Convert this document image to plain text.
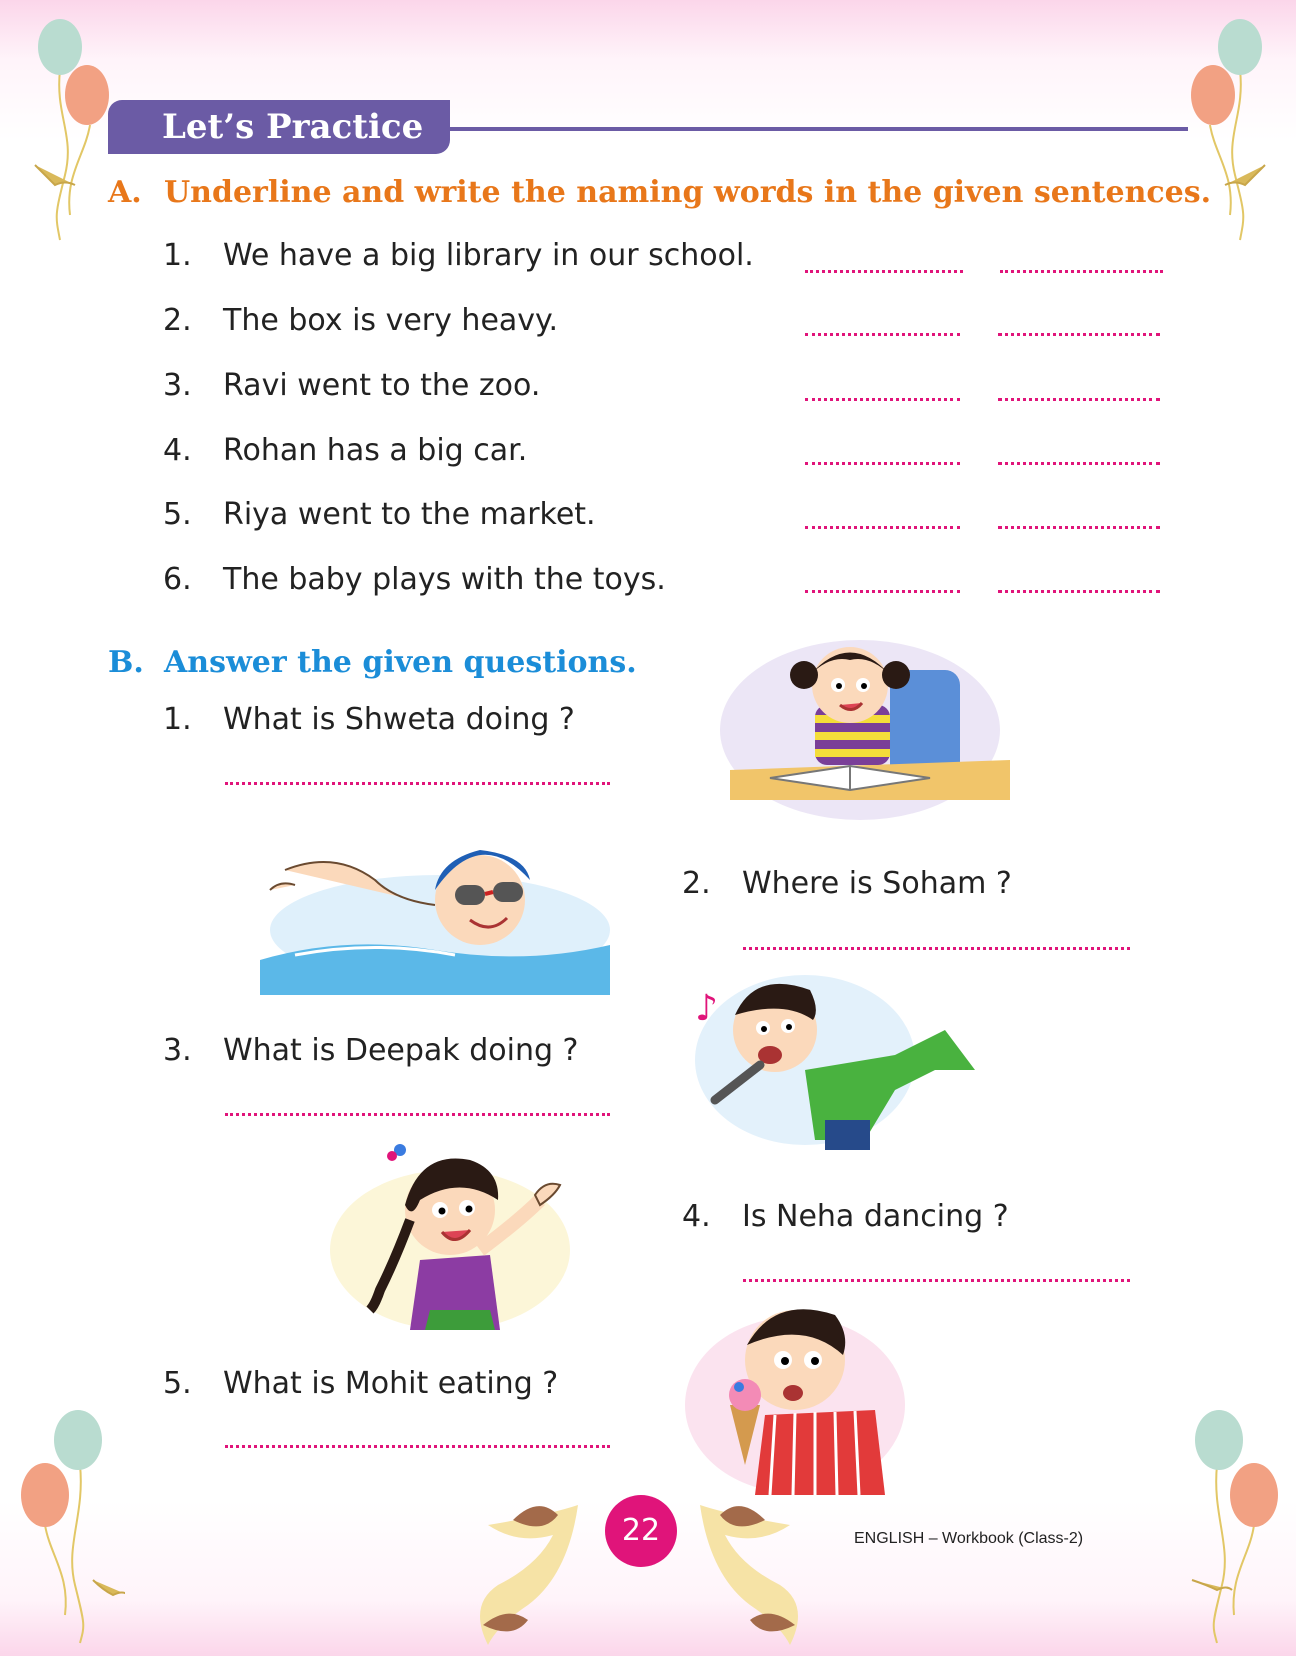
Let’s Practice
A. Underline and write the naming words in the given sentences.
1. We have a big library in our school.
2. The box is very heavy.
3. Ravi went to the zoo.
4. Rohan has a big car.
5. Riya went to the market.
6. The baby plays with the toys.
B. Answer the given questions.
1. What is Shweta doing ?
2. Where is Soham ?
3. What is Deepak doing ?
4. Is Neha dancing ?
5. What is Mohit eating ?
♪
22	ENGLISH – Workbook (Class-2)
